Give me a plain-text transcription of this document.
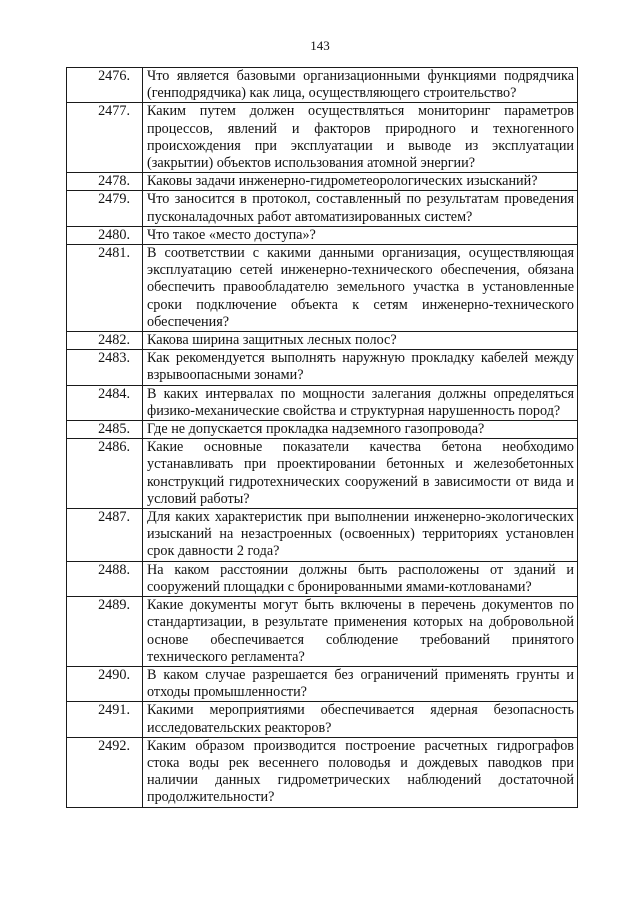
143
2476.	Что является базовыми организационными функциями подрядчика (генподрядчика) как лица, осуществляющего строительство?
2477.	Каким путем должен осуществляться мониторинг параметров процессов, явлений и факторов природного и техногенного происхождения при эксплуатации и выводе из эксплуатации (закрытии) объектов использования атомной энергии?
2478.	Каковы задачи инженерно-гидрометеорологических изысканий?
2479.	Что заносится в протокол, составленный по результатам проведения пусконаладочных работ автоматизированных систем?
2480.	Что такое «место доступа»?
2481.	В соответствии с какими данными организация, осуществляющая эксплуатацию сетей инженерно-технического обеспечения, обязана обеспечить правообладателю земельного участка в установленные сроки подключение объекта к сетям инженерно-технического обеспечения?
2482.	Какова ширина защитных лесных полос?
2483.	Как рекомендуется выполнять наружную прокладку кабелей между взрывоопасными зонами?
2484.	В каких интервалах по мощности залегания должны определяться физико-механические свойства и структурная нарушенность пород?
2485.	Где не допускается прокладка надземного газопровода?
2486.	Какие основные показатели качества бетона необходимо устанавливать при проектировании бетонных и железобетонных конструкций гидротехнических сооружений в зависимости от вида и условий работы?
2487.	Для каких характеристик при выполнении инженерно-экологических изысканий на незастроенных (освоенных) территориях установлен срок давности 2 года?
2488.	На каком расстоянии должны быть расположены от зданий и сооружений площадки с бронированными ямами-котлованами?
2489.	Какие документы могут быть включены в перечень документов по стандартизации, в результате применения которых на добровольной основе обеспечивается соблюдение требований принятого технического регламента?
2490.	В каком случае разрешается без ограничений применять грунты и отходы промышленности?
2491.	Какими мероприятиями обеспечивается ядерная безопасность исследовательских реакторов?
2492.	Каким образом производится построение расчетных гидрографов стока воды рек весеннего половодья и дождевых паводков при наличии данных гидрометрических наблюдений достаточной продолжительности?
